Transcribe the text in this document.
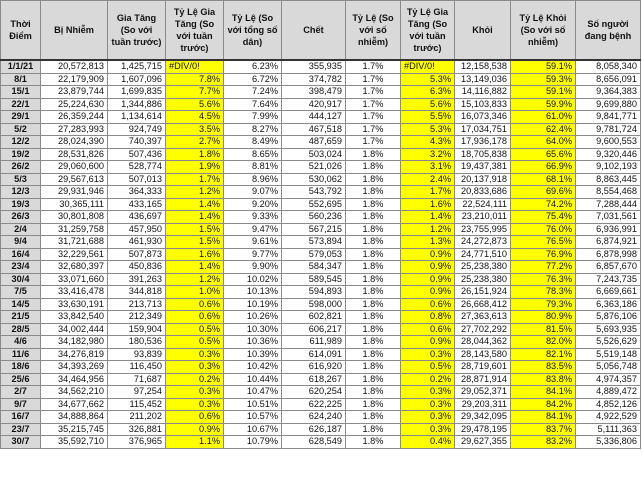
Thời Điểm	Bị Nhiễm	Gia Tăng (So với tuần trước)	Tỷ Lệ Gia Tăng (So với tuần trước)	Tỷ Lệ (So với tổng số dân)	Chết	Tỷ Lệ (So với số nhiễm)	Tỷ Lệ Gia Tăng (So với tuần trước)	Khỏi	Tỷ Lệ Khỏi (So với số nhiễm)	Số người đang bệnh
1/1/21	20,572,813	1,425,715	#DIV/0!	6.23%	355,935	1.7%	#DIV/0!	12,158,538	59.1%	8,058,340
8/1	22,179,909	1,607,096	7.8%	6.72%	374,782	1.7%	5.3%	13,149,036	59.3%	8,656,091
15/1	23,879,744	1,699,835	7.7%	7.24%	398,479	1.7%	6.3%	14,116,882	59.1%	9,364,383
22/1	25,224,630	1,344,886	5.6%	7.64%	420,917	1.7%	5.6%	15,103,833	59.9%	9,699,880
29/1	26,359,244	1,134,614	4.5%	7.99%	444,127	1.7%	5.5%	16,073,346	61.0%	9,841,771
5/2	27,283,993	924,749	3.5%	8.27%	467,518	1.7%	5.3%	17,034,751	62.4%	9,781,724
12/2	28,024,390	740,397	2.7%	8.49%	487,659	1.7%	4.3%	17,936,178	64.0%	9,600,553
19/2	28,531,826	507,436	1.8%	8.65%	503,024	1.8%	3.2%	18,705,838	65.6%	9,320,446
26/2	29,060,600	528,774	1.9%	8.81%	521,026	1.8%	3.1%	19,437,381	66.9%	9,102,193
5/3	29,567,613	507,013	1.7%	8.96%	530,062	1.8%	2.4%	20,137,918	68.1%	8,863,445
12/3	29,931,946	364,333	1.2%	9.07%	543,792	1.8%	1.7%	20,833,686	69.6%	8,554,468
19/3	30,365,111	433,165	1.4%	9.20%	552,695	1.8%	1.6%	22,524,111	74.2%	7,288,444
26/3	30,801,808	436,697	1.4%	9.33%	560,236	1.8%	1.4%	23,210,011	75.4%	7,031,561
2/4	31,259,758	457,950	1.5%	9.47%	567,215	1.8%	1.2%	23,755,995	76.0%	6,936,991
9/4	31,721,688	461,930	1.5%	9.61%	573,894	1.8%	1.3%	24,272,873	76.5%	6,874,921
16/4	32,229,561	507,873	1.6%	9.77%	579,053	1.8%	0.9%	24,771,510	76.9%	6,878,998
23/4	32,680,397	450,836	1.4%	9.90%	584,347	1.8%	0.9%	25,238,380	77.2%	6,857,670
30/4	33,071,660	391,263	1.2%	10.02%	589,545	1.8%	0.9%	25,238,380	76.3%	7,243,735
7/5	33,416,478	344,818	1.0%	10.13%	594,893	1.8%	0.9%	26,151,924	78.3%	6,669,661
14/5	33,630,191	213,713	0.6%	10.19%	598,000	1.8%	0.6%	26,668,412	79.3%	6,363,186
21/5	33,842,540	212,349	0.6%	10.26%	602,821	1.8%	0.8%	27,363,613	80.9%	5,876,106
28/5	34,002,444	159,904	0.5%	10.30%	606,217	1.8%	0.6%	27,702,292	81.5%	5,693,935
4/6	34,182,980	180,536	0.5%	10.36%	611,989	1.8%	0.9%	28,044,362	82.0%	5,526,629
11/6	34,276,819	93,839	0.3%	10.39%	614,091	1.8%	0.3%	28,143,580	82.1%	5,519,148
18/6	34,393,269	116,450	0.3%	10.42%	616,920	1.8%	0.5%	28,719,601	83.5%	5,056,748
25/6	34,464,956	71,687	0.2%	10.44%	618,267	1.8%	0.2%	28,871,914	83.8%	4,974,357
2/7	34,562,210	97,254	0.3%	10.47%	620,254	1.8%	0.3%	29,052,371	84.1%	4,889,472
9/7	34,677,662	115,452	0.3%	10.51%	622,225	1.8%	0.3%	29,203,311	84.2%	4,852,126
16/7	34,888,864	211,202	0.6%	10.57%	624,240	1.8%	0.3%	29,342,095	84.1%	4,922,529
23/7	35,215,745	326,881	0.9%	10.67%	626,187	1.8%	0.3%	29,478,195	83.7%	5,111,363
30/7	35,592,710	376,965	1.1%	10.79%	628,549	1.8%	0.4%	29,627,355	83.2%	5,336,806
